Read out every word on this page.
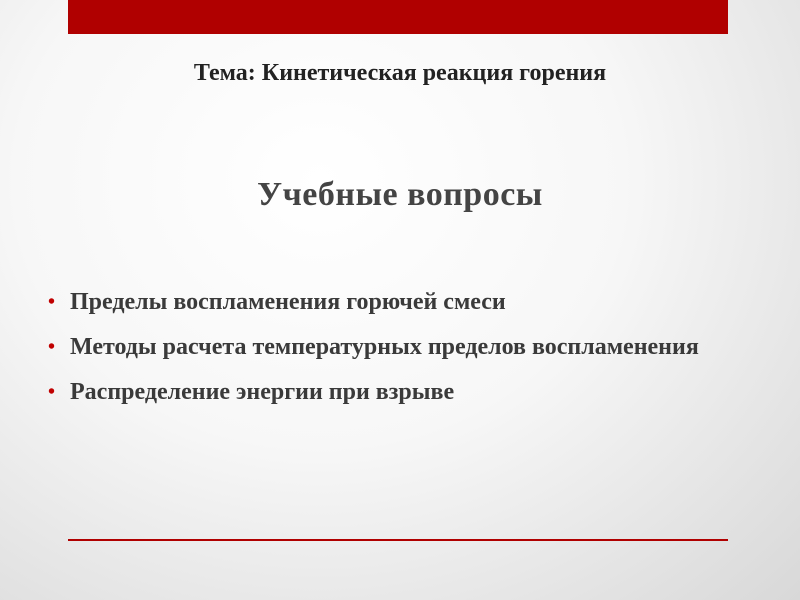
Тема: Кинетическая реакция горения
Учебные вопросы
• Пределы воспламенения горючей смеси
• Методы расчета температурных пределов воспламенения
• Распределение энергии при взрыве
